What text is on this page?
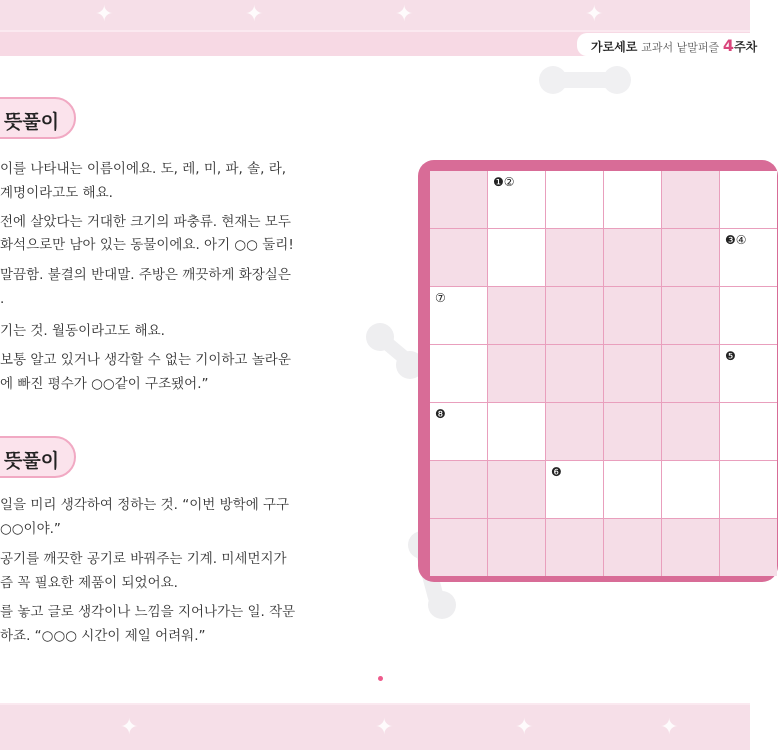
✦	✦	✦	✦
가로세로 교과서 낱말퍼즐 4주차
뜻풀이
이를 나타내는 이름이에요. 도, 레, 미, 파, 솔, 라,
계명이라고도 해요.
전에 살았다는 거대한 크기의 파충류. 현재는 모두
화석으로만 남아 있는 동물이에요. 아기 ○○ 둘리!
말끔함. 불결의 반대말. 주방은 깨끗하게 화장실은
.
기는 것. 월동이라고도 해요.
보통 알고 있거나 생각할 수 없는 기이하고 놀라운
에 빠진 평수가 ○○같이 구조됐어.”
뜻풀이
일을 미리 생각하여 정하는 것. “이번 방학에 구구
○○이야.”
공기를 깨끗한 공기로 바꿔주는 기계. 미세먼지가
즘 꼭 필요한 제품이 되었어요.
를 놓고 글로 생각이나 느낌을 지어나가는 일. 작문
하죠. “○○○ 시간이 제일 어려워.”
❶②
❸④
⑦
❺
❽
❻
✦	✦	✦	✦
